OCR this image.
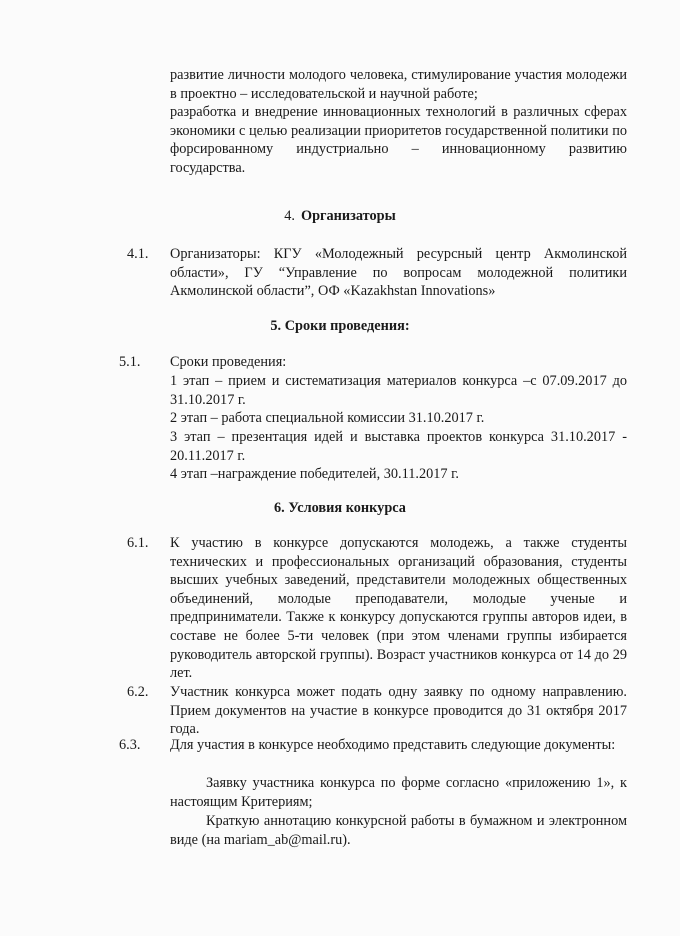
развитие личности молодого человека, стимулирование участия молодежи в проектно – исследовательской и научной работе;
разработка и внедрение инновационных технологий в различных сферах экономики с целью реализации приоритетов государственной политики по форсированному индустриально – инновационному развитию государства.
4. Организаторы
4.1. Организаторы: КГУ «Молодежный ресурсный центр Акмолинской области», ГУ “Управление по вопросам молодежной политики Акмолинской области”, ОФ «Kazakhstan Innovations»
5. Сроки проведения:
5.1. Сроки проведения:
1 этап – прием и систематизация материалов конкурса –с 07.09.2017 до 31.10.2017 г.
2 этап – работа специальной комиссии 31.10.2017 г.
3 этап – презентация идей и выставка проектов конкурса 31.10.2017 - 20.11.2017 г.
4 этап –награждение победителей, 30.11.2017 г.
6. Условия конкурса
6.1. К участию в конкурсе допускаются молодежь, а также студенты технических и профессиональных организаций образования, студенты высших учебных заведений, представители молодежных общественных объединений, молодые преподаватели, молодые ученые и предприниматели. Также к конкурсу допускаются группы авторов идеи, в составе не более 5-ти человек (при этом членами группы избирается руководитель авторской группы). Возраст участников конкурса от 14 до 29 лет.
6.2. Участник конкурса может подать одну заявку по одному направлению. Прием документов на участие в конкурсе проводится до 31 октября 2017 года.
6.3. Для участия в конкурсе необходимо представить следующие документы:
Заявку участника конкурса по форме согласно «приложению 1», к настоящим Критериям;
Краткую аннотацию конкурсной работы в бумажном и электронном виде (на mariam_ab@mail.ru).
